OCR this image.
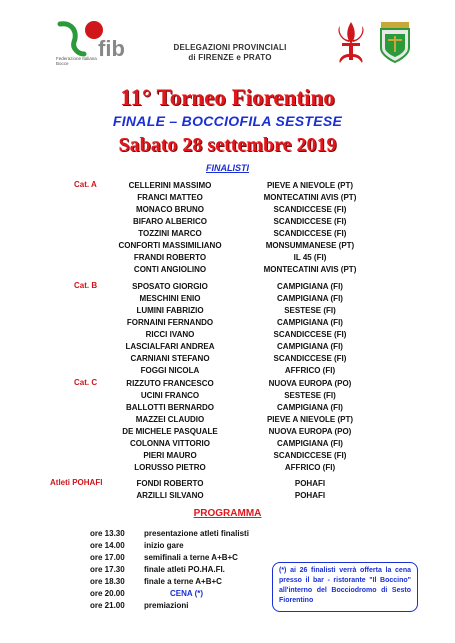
fib
Federazione Italiana Bocce
DELEGAZIONI PROVINCIALI
di FIRENZE e PRATO
11° Torneo Fiorentino
FINALE – BOCCIOFILA SESTESE
Sabato 28 settembre 2019
FINALISTI
Cat. A	CELLERINI MASSIMO	PIEVE A NIEVOLE (PT)
FRANCI MATTEO	MONTECATINI AVIS (PT)
MONACO BRUNO	SCANDICCESE (FI)
BIFARO ALBERICO	SCANDICCESE (FI)
TOZZINI MARCO	SCANDICCESE (FI)
CONFORTI MASSIMILIANO	MONSUMMANESE (PT)
FRANDI ROBERTO	IL 45 (FI)
CONTI ANGIOLINO	MONTECATINI AVIS (PT)
Cat. B	SPOSATO GIORGIO	CAMPIGIANA (FI)
MESCHINI ENIO	CAMPIGIANA (FI)
LUMINI FABRIZIO	SESTESE (FI)
FORNAINI FERNANDO	CAMPIGIANA (FI)
RICCI IVANO	SCANDICCESE (FI)
LASCIALFARI ANDREA	CAMPIGIANA (FI)
CARNIANI STEFANO	SCANDICCESE (FI)
FOGGI NICOLA	AFFRICO (FI)
Cat. C	RIZZUTO FRANCESCO	NUOVA EUROPA (PO)
UCINI FRANCO	SESTESE (FI)
BALLOTTI BERNARDO	CAMPIGIANA (FI)
MAZZEI CLAUDIO	PIEVE A NIEVOLE (PT)
DE MICHELE PASQUALE	NUOVA EUROPA (PO)
COLONNA VITTORIO	CAMPIGIANA (FI)
PIERI MAURO	SCANDICCESE (FI)
LORUSSO PIETRO	AFFRICO (FI)
Atleti POHAFI	FONDI ROBERTO	POHAFI
ARZILLI SILVANO	POHAFI
PROGRAMMA
ore 13.30 presentazione atleti finalisti
ore 14.00 inizio gare
ore 17.00 semifinali a terne A+B+C
ore 17.30 finale atleti PO.HA.FI.
ore 18.30 finale a terne A+B+C
ore 20.00	CENA (*)
ore 21.00 premiazioni
(*) ai 26 finalisti verrà offerta la cena presso il bar - ristorante "Il Boccino" all'interno del Bocciodromo di Sesto Fiorentino
